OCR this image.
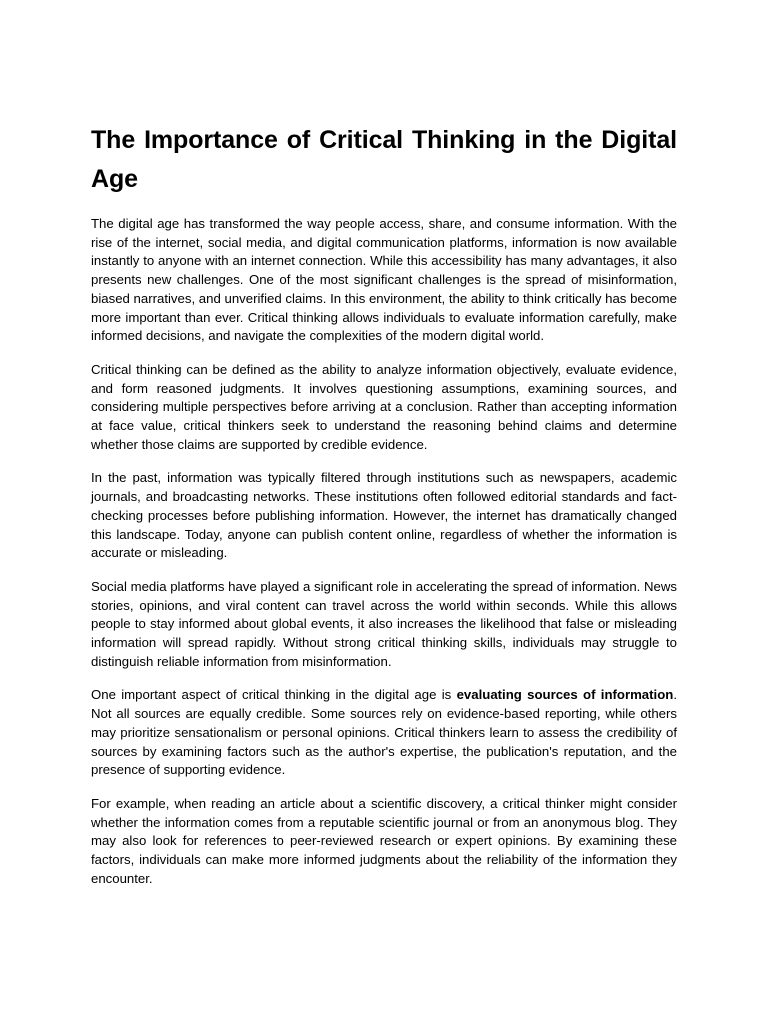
The Importance of Critical Thinking in the Digital Age

The digital age has transformed the way people access, share, and consume information. With the rise of the internet, social media, and digital communication platforms, information is now available instantly to anyone with an internet connection. While this accessibility has many advantages, it also presents new challenges. One of the most significant challenges is the spread of misinformation, biased narratives, and unverified claims. In this environment, the ability to think critically has become more important than ever. Critical thinking allows individuals to evaluate information carefully, make informed decisions, and navigate the complexities of the modern digital world.

Critical thinking can be defined as the ability to analyze information objectively, evaluate evidence, and form reasoned judgments. It involves questioning assumptions, examining sources, and considering multiple perspectives before arriving at a conclusion. Rather than accepting information at face value, critical thinkers seek to understand the reasoning behind claims and determine whether those claims are supported by credible evidence.

In the past, information was typically filtered through institutions such as newspapers, academic journals, and broadcasting networks. These institutions often followed editorial standards and fact-checking processes before publishing information. However, the internet has dramatically changed this landscape. Today, anyone can publish content online, regardless of whether the information is accurate or misleading.

Social media platforms have played a significant role in accelerating the spread of information. News stories, opinions, and viral content can travel across the world within seconds. While this allows people to stay informed about global events, it also increases the likelihood that false or misleading information will spread rapidly. Without strong critical thinking skills, individuals may struggle to distinguish reliable information from misinformation.

One important aspect of critical thinking in the digital age is evaluating sources of information. Not all sources are equally credible. Some sources rely on evidence-based reporting, while others may prioritize sensationalism or personal opinions. Critical thinkers learn to assess the credibility of sources by examining factors such as the author's expertise, the publication's reputation, and the presence of supporting evidence.

For example, when reading an article about a scientific discovery, a critical thinker might consider whether the information comes from a reputable scientific journal or from an anonymous blog. They may also look for references to peer-reviewed research or expert opinions. By examining these factors, individuals can make more informed judgments about the reliability of the information they encounter.
